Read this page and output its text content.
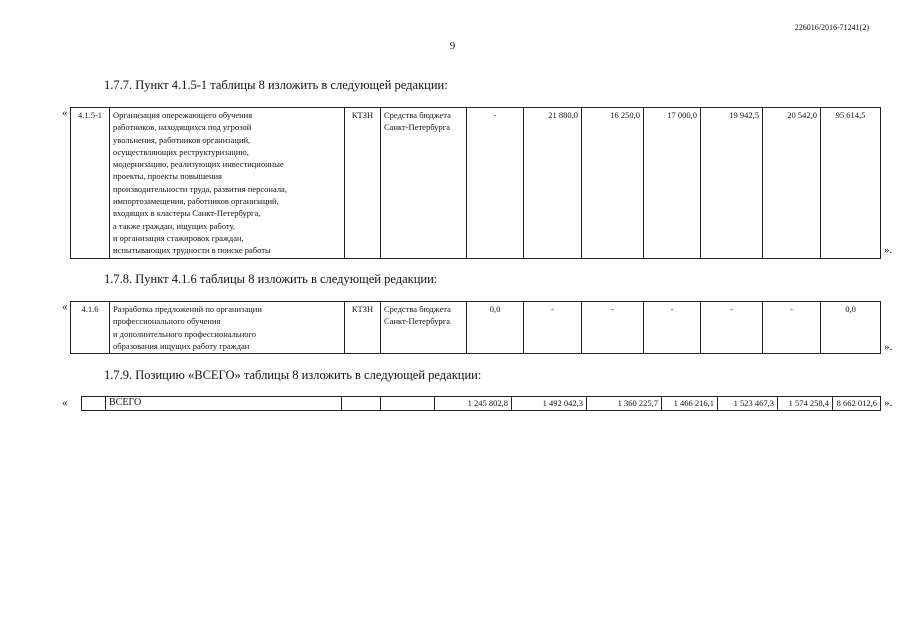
226016/2016-71241(2)
9
1.7.7. Пункт 4.1.5-1 таблицы 8 изложить в следующей редакции:
« 4.1.5-1	Организация опережающего обучения
работников, находящихся под угрозой
увольнения, работников организаций,
осуществляющих реструктуризацию,
модернизацию, реализующих инвестиционные
проекты, проекты повышения
производительности труда, развития персонала,
импортозамещения, работников организаций,
входящих в кластеры Санкт-Петербурга,
а также граждан, ищущих работу,
и организация стажировок граждан,
испытывающих трудности в поиске работы
	КТЗН	Средства бюджета
Санкт-Петербурга
	-	21 880,0	16 250,0	17 000,0	19 942,5	20 542,0	95 614,5
».
1.7.8. Пункт 4.1.6 таблицы 8 изложить в следующей редакции:
« 4.1.6	Разработка предложений по организации
профессионального обучения
и дополнительного профессионального
образования ищущих работу граждан
	КТЗН	Средства бюджета
Санкт-Петербурга
	0,0	-	-	-	-	-	0,0
».
1.7.9. Позицию «ВСЕГО» таблицы 8 изложить в следующей редакции:
«
		ВСЕГО			1 245 802,8	1 492 042,3	1 360 225,7	1 466 216,1	1 523 467,3	1 574 258,4	8 662 012,6 ».
